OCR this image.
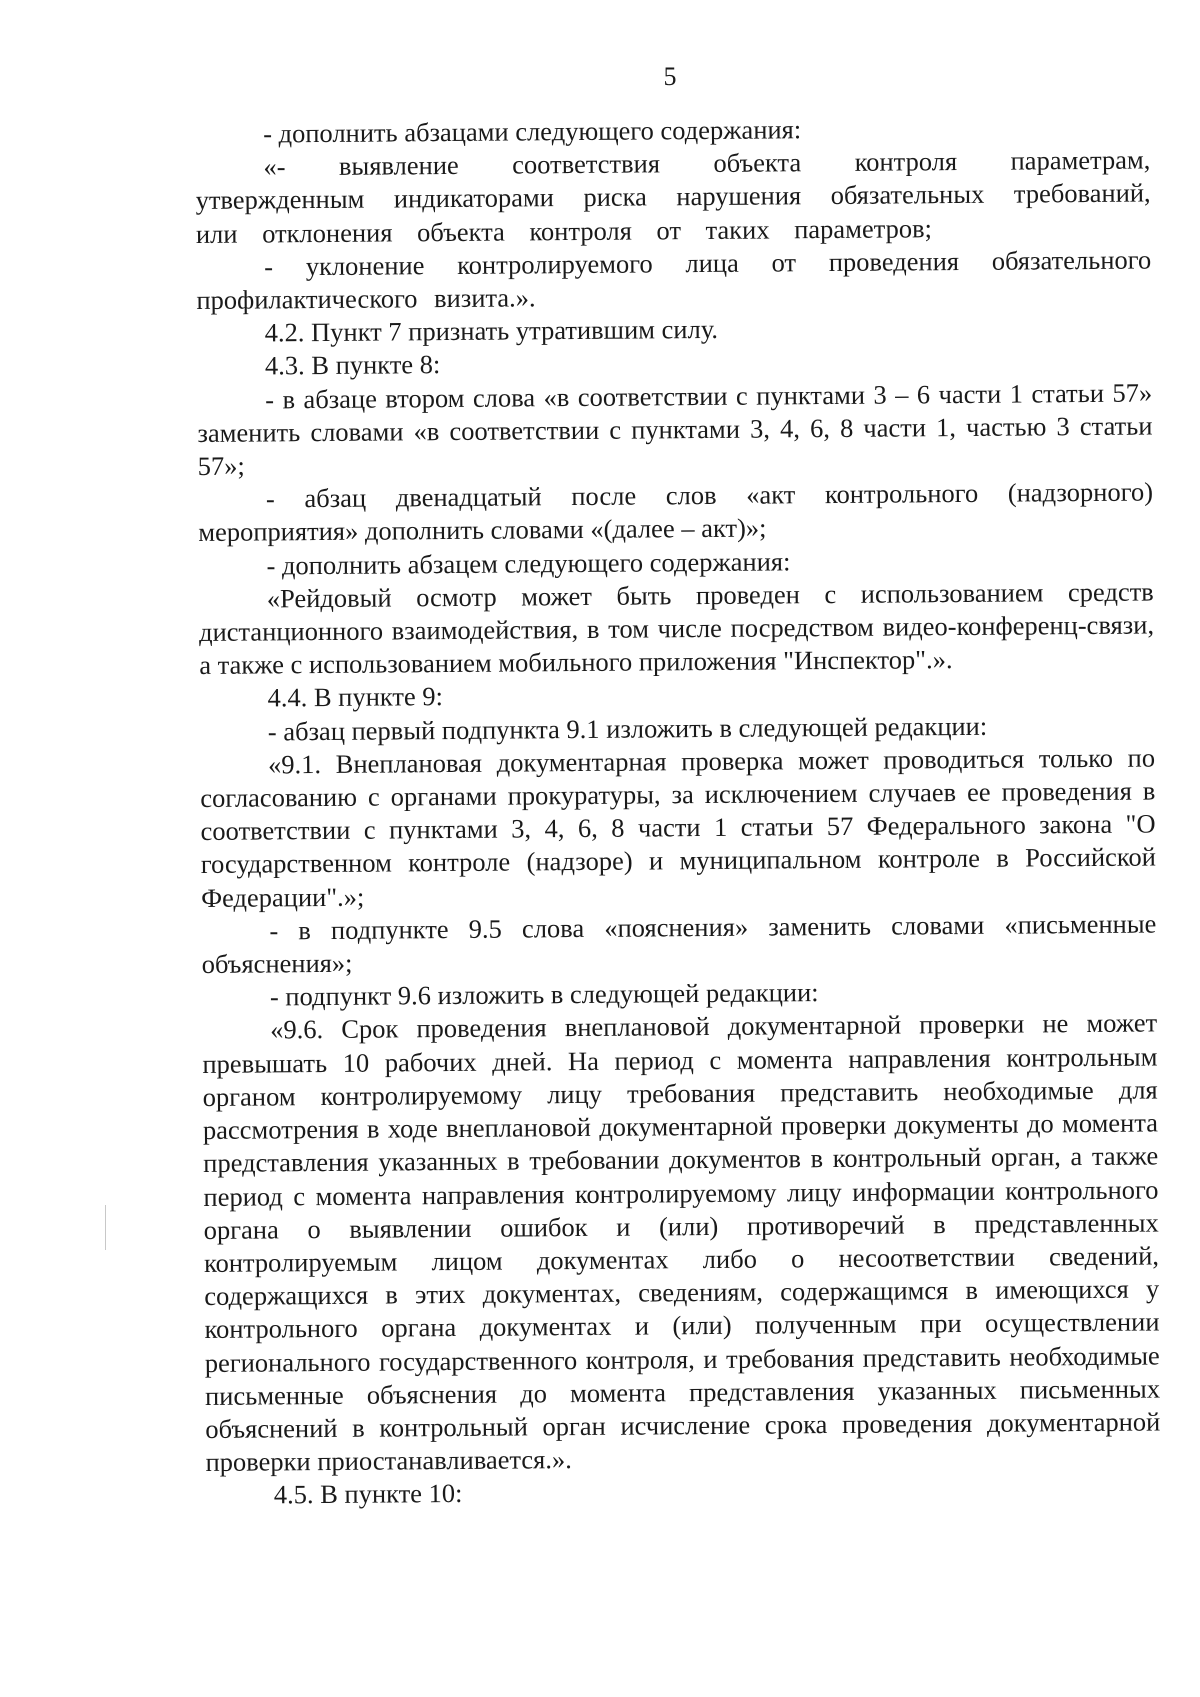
5

- дополнить абзацами следующего содержания:

«- выявление соответствия объекта контроля параметрам, утвержденным индикаторами риска нарушения обязательных требований, или отклонения объекта контроля от таких параметров;

- уклонение контролируемого лица от проведения обязательного профилактического визита.».

4.2. Пункт 7 признать утратившим силу.

4.3. В пункте 8:

- в абзаце втором слова «в соответствии с пунктами 3 – 6 части 1 статьи 57» заменить словами «в соответствии с пунктами 3, 4, 6, 8 части 1, частью 3 статьи 57»;

- абзац двенадцатый после слов «акт контрольного (надзорного) мероприятия» дополнить словами «(далее – акт)»;

- дополнить абзацем следующего содержания:

«Рейдовый осмотр может быть проведен с использованием средств дистанционного взаимодействия, в том числе посредством видео-конференц-связи, а также с использованием мобильного приложения "Инспектор".».

4.4. В пункте 9:

- абзац первый подпункта 9.1 изложить в следующей редакции:

«9.1. Внеплановая документарная проверка может проводиться только по согласованию с органами прокуратуры, за исключением случаев ее проведения в соответствии с пунктами 3, 4, 6, 8 части 1 статьи 57 Федерального закона "О государственном контроле (надзоре) и муниципальном контроле в Российской Федерации".»;

- в подпункте 9.5 слова «пояснения» заменить словами «письменные объяснения»;

- подпункт 9.6 изложить в следующей редакции:

«9.6. Срок проведения внеплановой документарной проверки не может превышать 10 рабочих дней. На период с момента направления контрольным органом контролируемому лицу требования представить необходимые для рассмотрения в ходе внеплановой документарной проверки документы до момента представления указанных в требовании документов в контрольный орган, а также период с момента направления контролируемому лицу информации контрольного органа о выявлении ошибок и (или) противоречий в представленных контролируемым лицом документах либо о несоответствии сведений, содержащихся в этих документах, сведениям, содержащимся в имеющихся у контрольного органа документах и (или) полученным при осуществлении регионального государственного контроля, и требования представить необходимые письменные объяснения до момента представления указанных письменных объяснений в контрольный орган исчисление срока проведения документарной проверки приостанавливается.».

4.5. В пункте 10:
